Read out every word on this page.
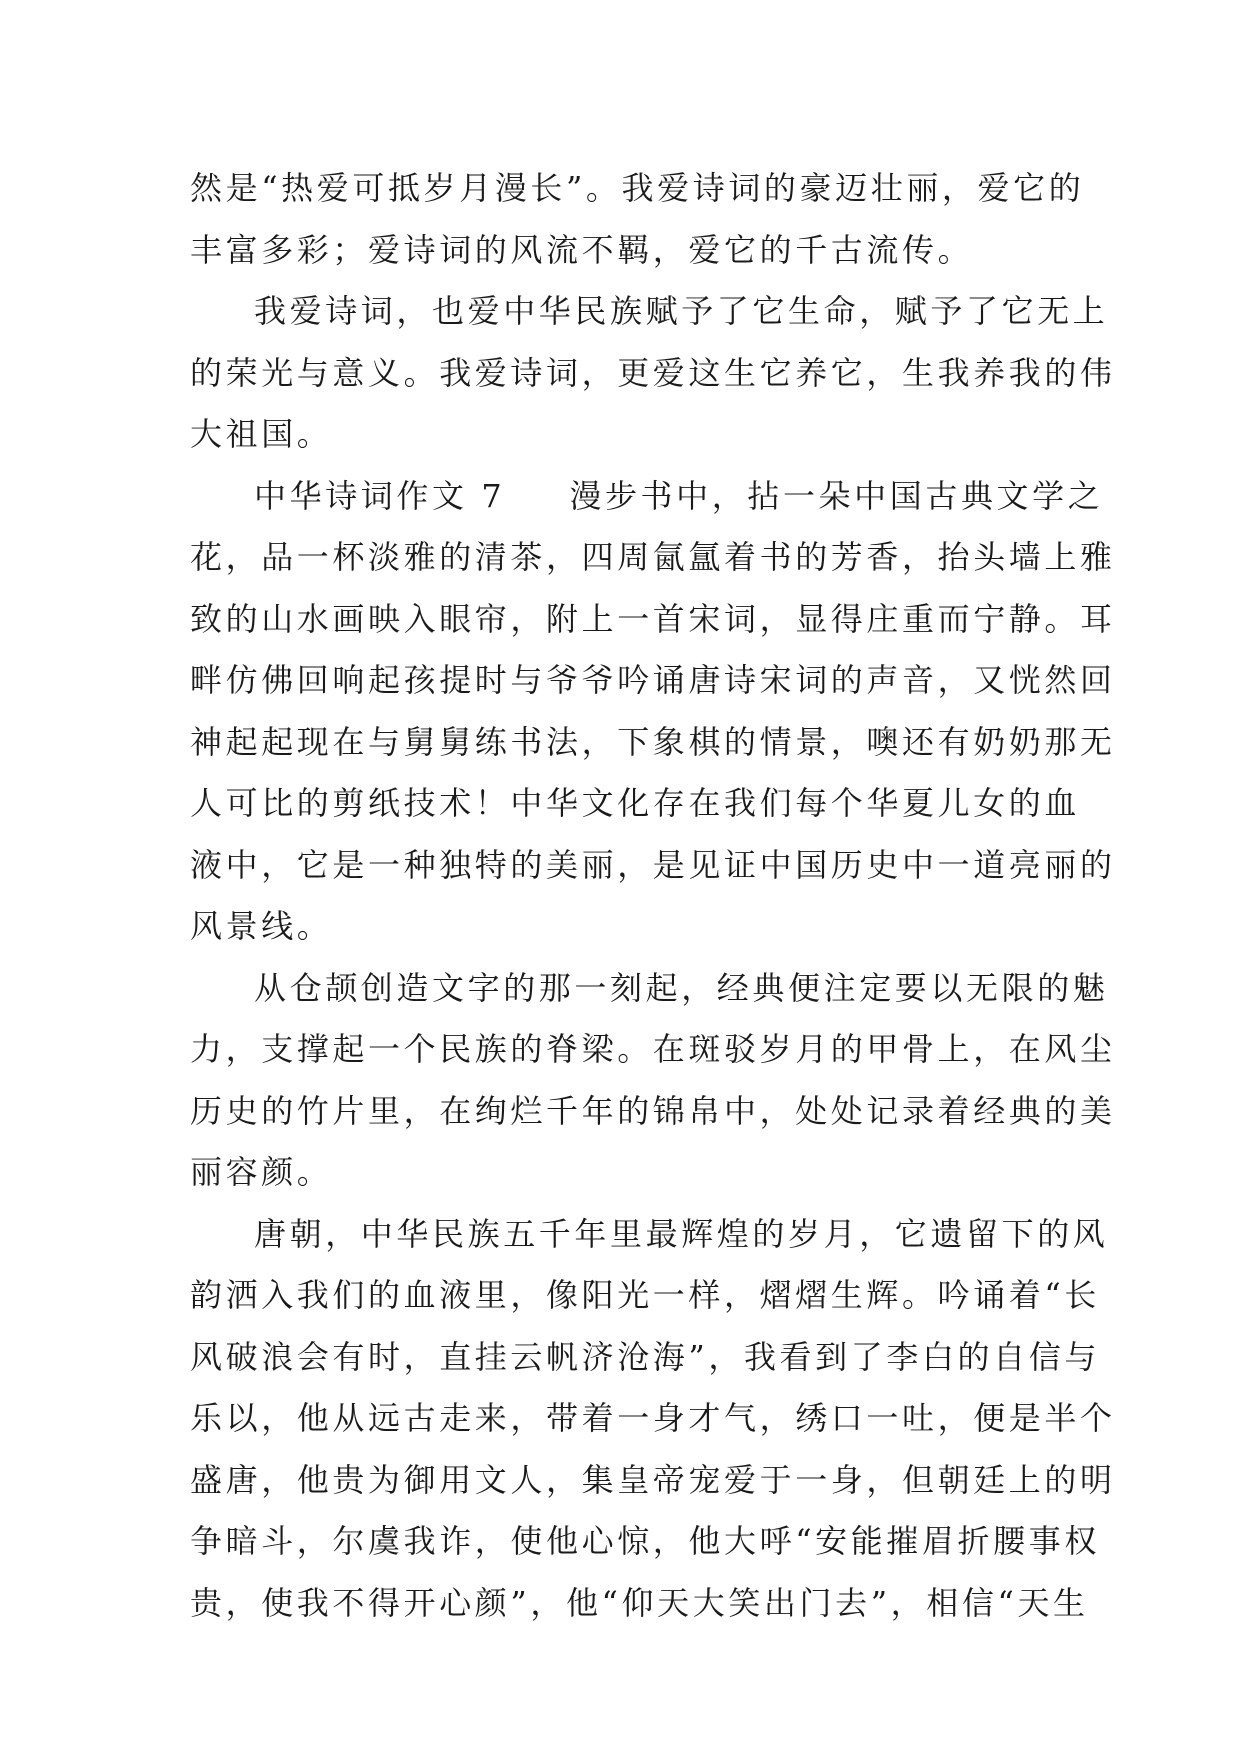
然是“热爱可抵岁月漫长”。我爱诗词的豪迈壮丽，爱它的
丰富多彩；爱诗词的风流不羁，爱它的千古流传。
我爱诗词，也爱中华民族赋予了它生命，赋予了它无上
的荣光与意义。我爱诗词，更爱这生它养它，生我养我的伟
大祖国。
中华诗词作文 7 漫步书中，拈一朵中国古典文学之
花，品一杯淡雅的清茶，四周氤氲着书的芳香，抬头墙上雅
致的山水画映入眼帘，附上一首宋词，显得庄重而宁静。耳
畔仿佛回响起孩提时与爷爷吟诵唐诗宋词的声音，又恍然回
神起起现在与舅舅练书法，下象棋的情景，噢还有奶奶那无
人可比的剪纸技术！中华文化存在我们每个华夏儿女的血
液中，它是一种独特的美丽，是见证中国历史中一道亮丽的
风景线。
从仓颉创造文字的那一刻起，经典便注定要以无限的魅
力，支撑起一个民族的脊梁。在斑驳岁月的甲骨上，在风尘
历史的竹片里，在绚烂千年的锦帛中，处处记录着经典的美
丽容颜。
唐朝，中华民族五千年里最辉煌的岁月，它遗留下的风
韵洒入我们的血液里，像阳光一样，熠熠生辉。吟诵着“长
风破浪会有时，直挂云帆济沧海”，我看到了李白的自信与
乐以，他从远古走来，带着一身才气，绣口一吐，便是半个
盛唐，他贵为御用文人，集皇帝宠爱于一身，但朝廷上的明
争暗斗，尔虞我诈，使他心惊，他大呼“安能摧眉折腰事权
贵，使我不得开心颜”，他“仰天大笑出门去”，相信“天生
